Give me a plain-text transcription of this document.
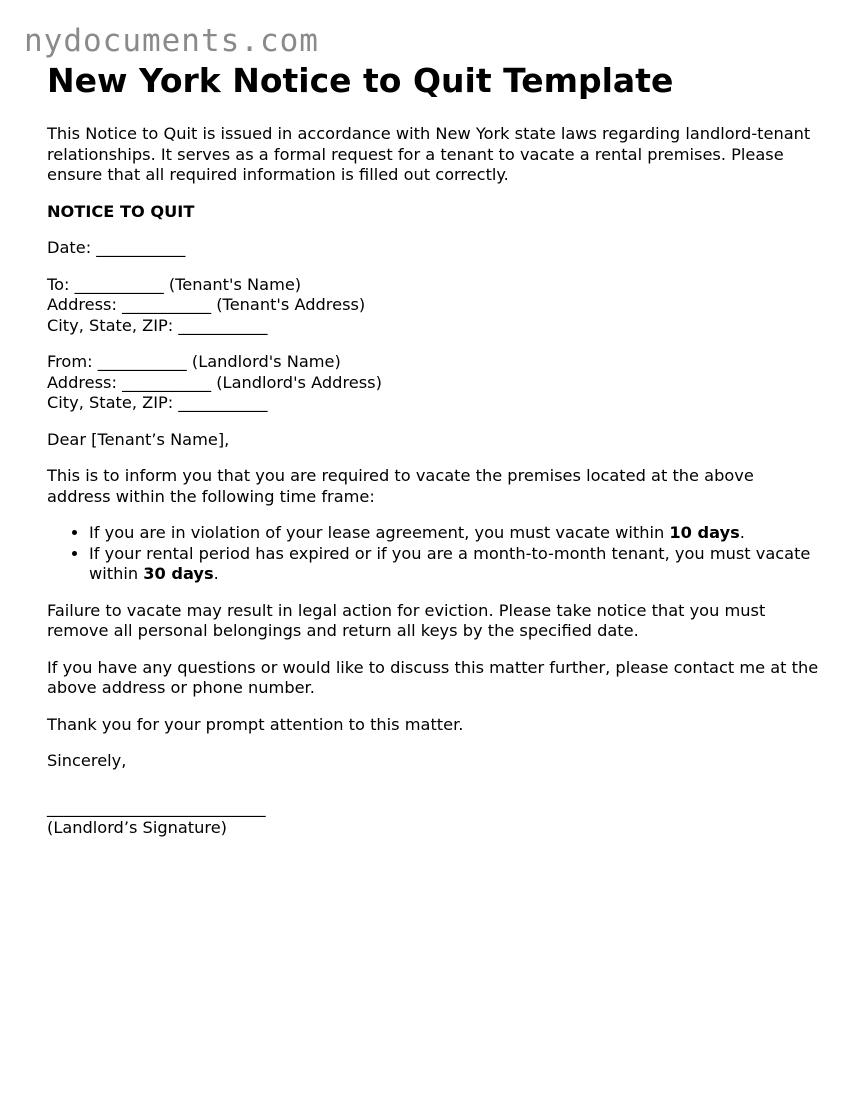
nydocuments.com
New York Notice to Quit Template

This Notice to Quit is issued in accordance with New York state laws regarding landlord-tenant relationships. It serves as a formal request for a tenant to vacate a rental premises. Please ensure that all required information is filled out correctly.

NOTICE TO QUIT

Date: ___________

To: ___________ (Tenant's Name)

Address: ___________ (Tenant's Address)

City, State, ZIP: ___________

From: ___________ (Landlord's Name)

Address: ___________ (Landlord's Address)

City, State, ZIP: ___________

Dear [Tenant’s Name],

This is to inform you that you are required to vacate the premises located at the above address within the following time frame:

• If you are in violation of your lease agreement, you must vacate within 10 days.
• If your rental period has expired or if you are a month-to-month tenant, you must vacate within 30 days.

Failure to vacate may result in legal action for eviction. Please take notice that you must remove all personal belongings and return all keys by the specified date.

If you have any questions or would like to discuss this matter further, please contact me at the above address or phone number.

Thank you for your prompt attention to this matter.

Sincerely,

___________________________

(Landlord’s Signature)
